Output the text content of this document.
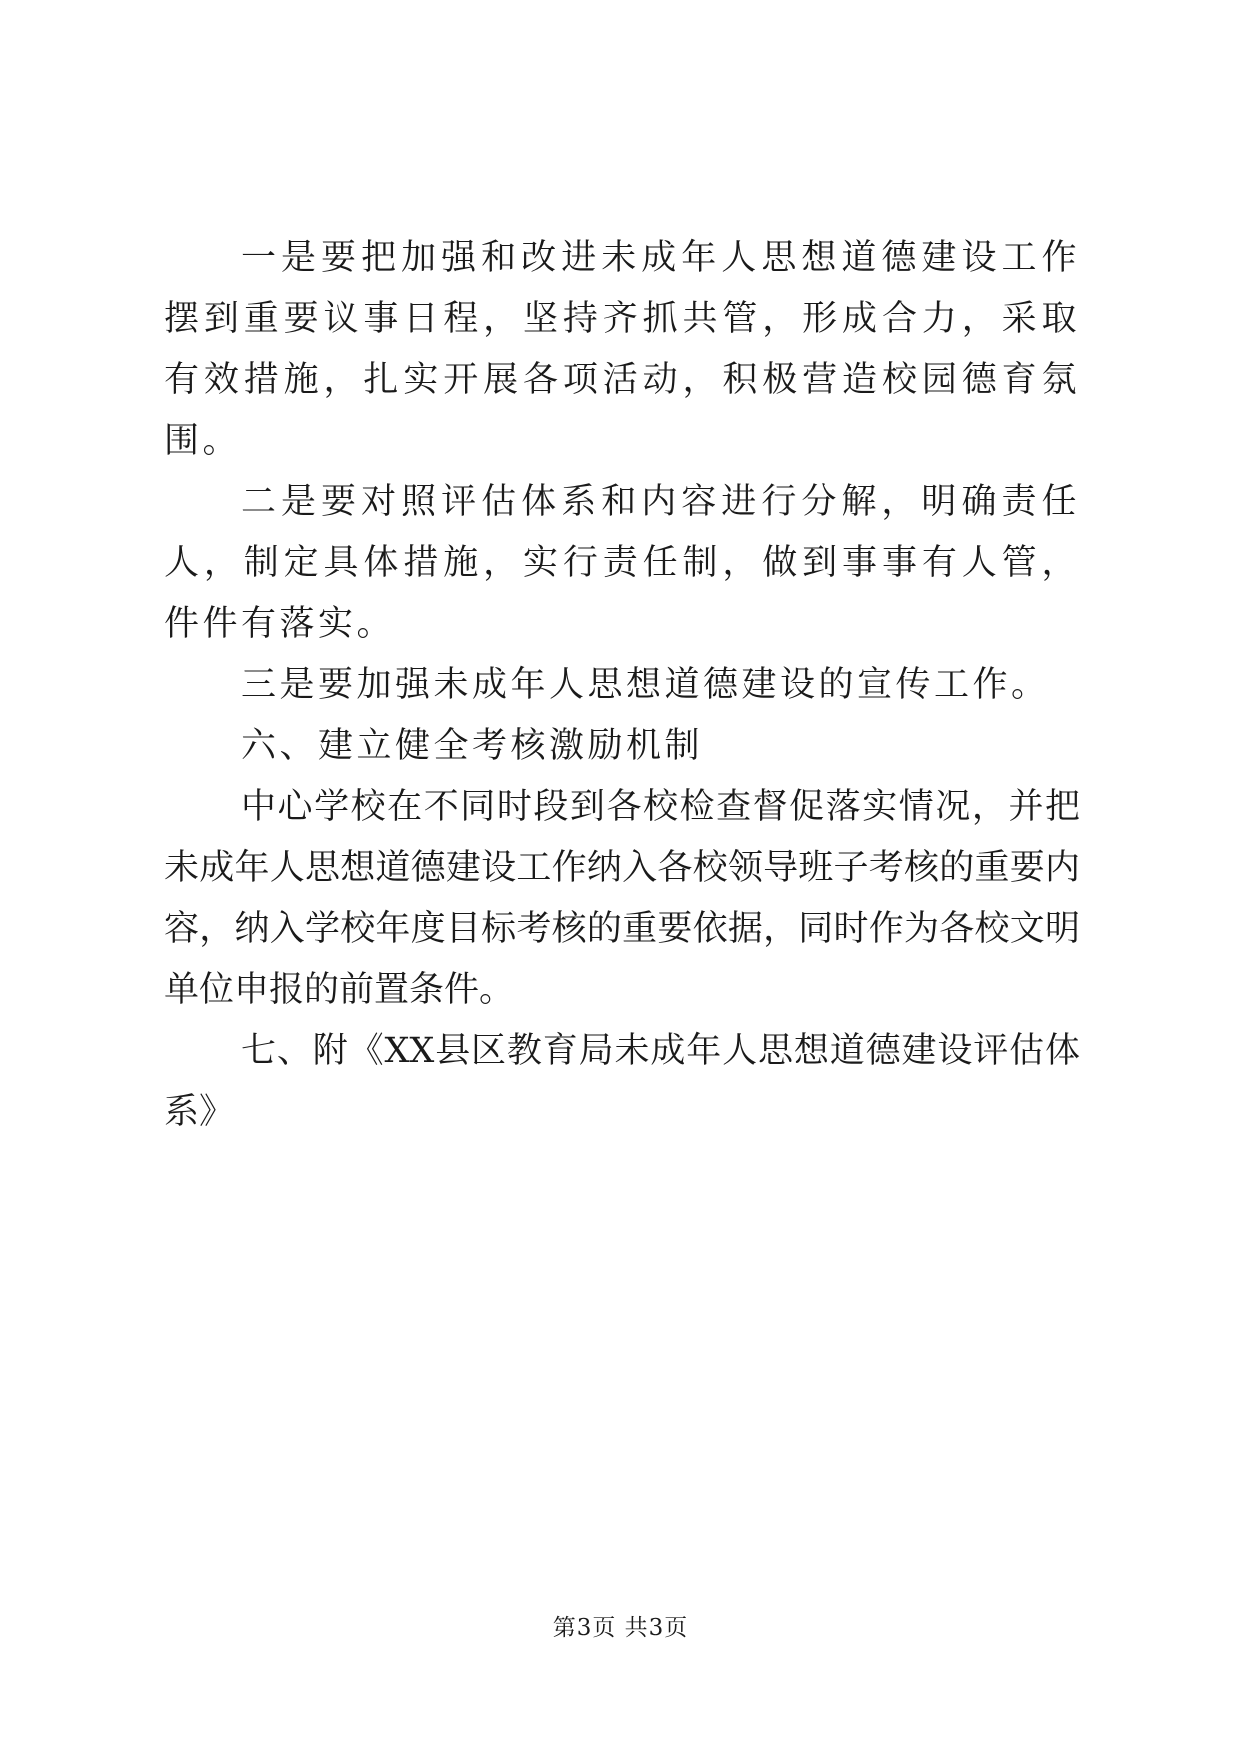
一是要把加强和改进未成年人思想道德建设工作摆到重要议事日程，坚持齐抓共管，形成合力，采取有效措施，扎实开展各项活动，积极营造校园德育氛围。

二是要对照评估体系和内容进行分解，明确责任人，制定具体措施，实行责任制，做到事事有人管，件件有落实。

三是要加强未成年人思想道德建设的宣传工作。

六、建立健全考核激励机制

中心学校在不同时段到各校检查督促落实情况，并把未成年人思想道德建设工作纳入各校领导班子考核的重要内容，纳入学校年度目标考核的重要依据，同时作为各校文明单位申报的前置条件。

七、附《XX县区教育局未成年人思想道德建设评估体系》

第3页 共3页
